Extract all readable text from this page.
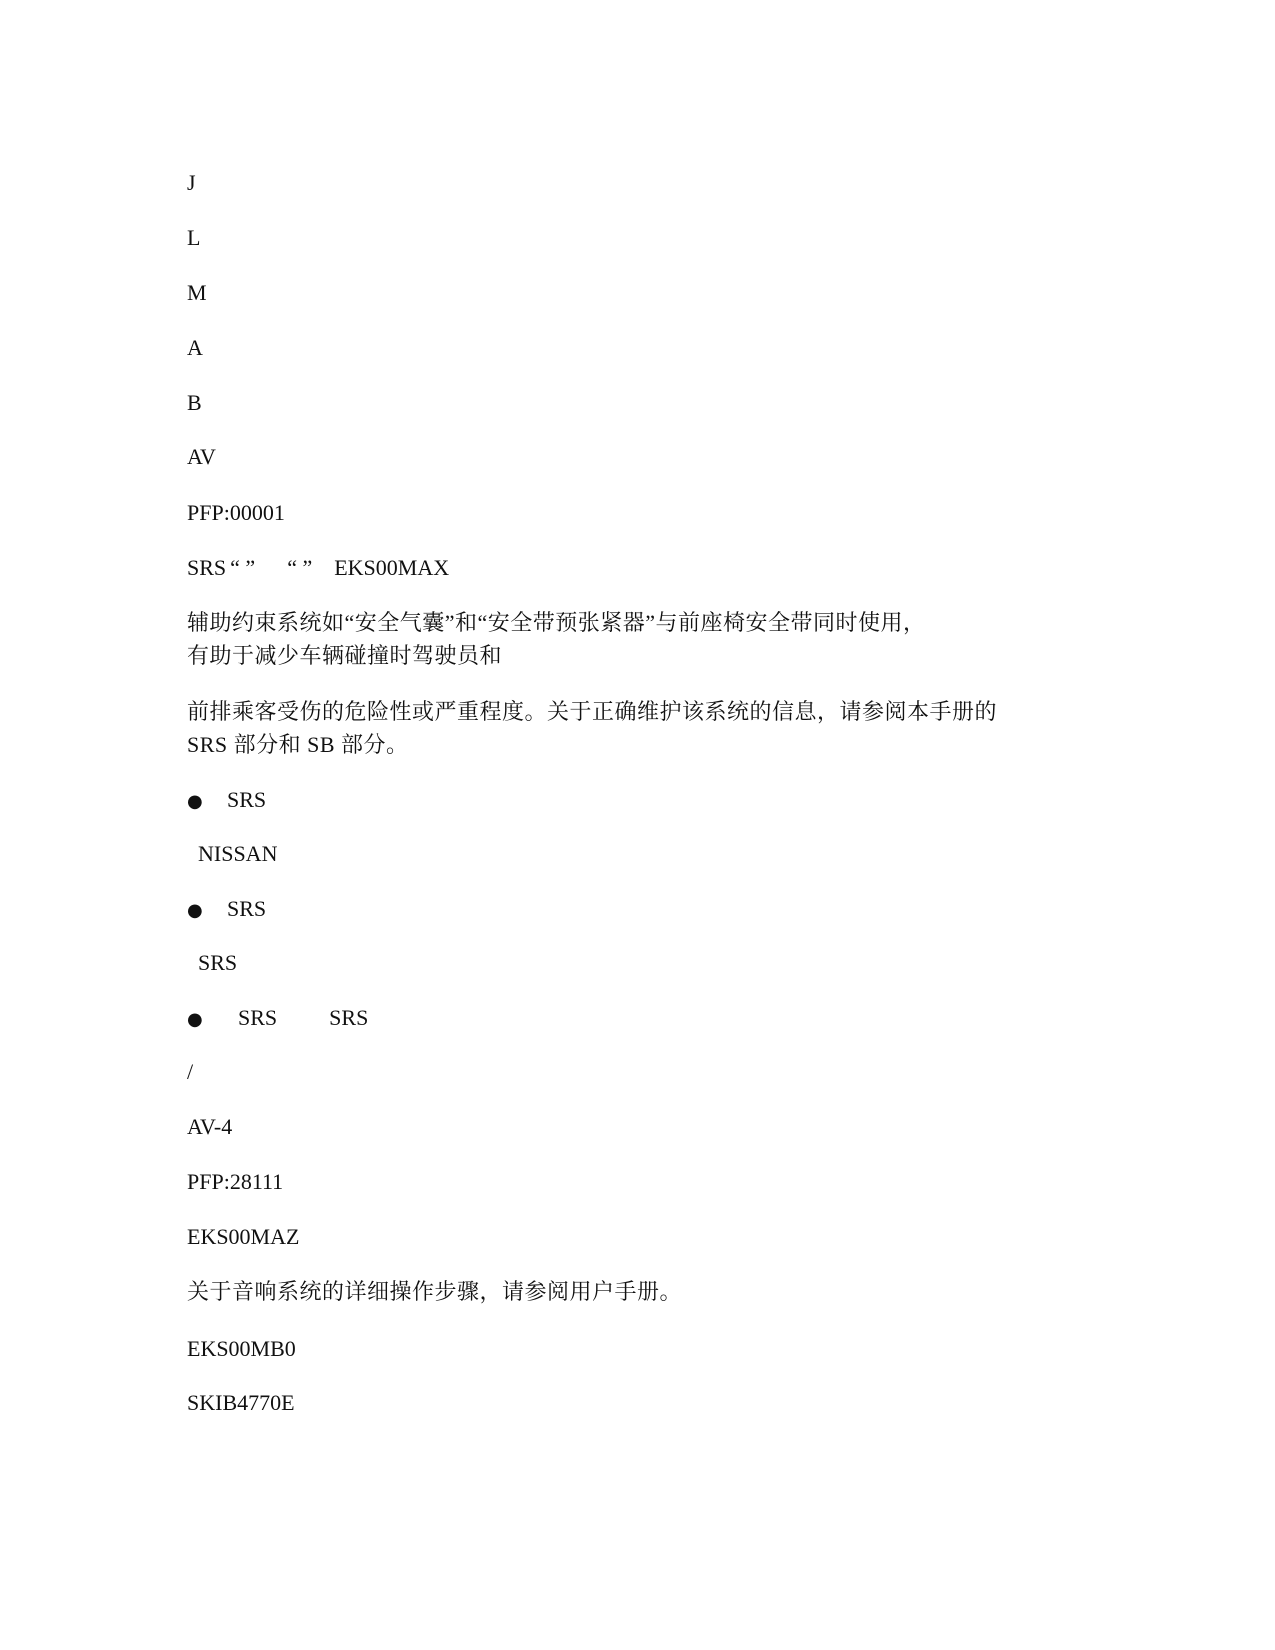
J
L
M
A
B
AV
PFP:00001
SRS “ ” “ ” EKS00MAX
辅助约束系统如“安全气囊”和“安全带预张紧器”与前座椅安全带同时使用，
有助于减少车辆碰撞时驾驶员和
前排乘客受伤的危险性或严重程度。关于正确维护该系统的信息，请参阅本手册的
SRS 部分和 SB 部分。
● SRS
NISSAN
● SRS
SRS
● SRS SRS
/
AV-4
PFP:28111
EKS00MAZ
关于音响系统的详细操作步骤，请参阅用户手册。
EKS00MB0
SKIB4770E
